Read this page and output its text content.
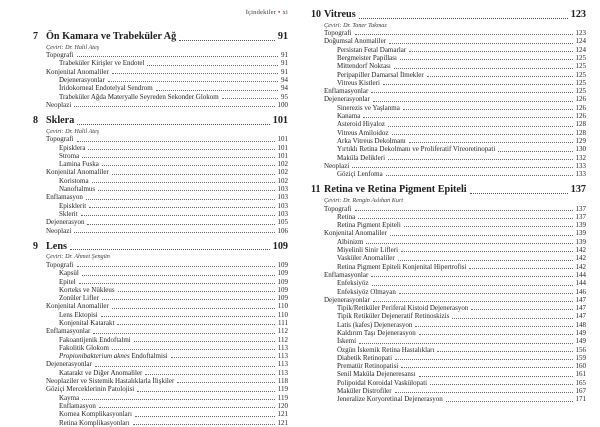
İçindekiler • xi
7 Ön Kamara ve Trabeküler Ağ	91
Çeviri: Dr. Halil Ateş
Topografi	91
Trabeküler Kirişler ve Endotel	91
Konjenital Anomaliler	91
Dejenerasyonlar	94
İridokorneal Endotelyal Sendrom	94
Trabeküler Ağda Materyalle Seyreden Sekonder Glokom	95
Neoplazi	100
8 Sklera	101
Çeviri: Dr. Halil Ateş
Topografi	101
Episklera	101
Stroma	101
Lamina Fuska	102
Konjenital Anomaliler	102
Koristoma	102
Nanoftalmus	103
Enflamasyon	103
Episklerit	103
Sklerit	103
Dejenerasyon	105
Neoplazi	106
9 Lens	109
Çeviri: Dr. Ahmet Şengün
Topografi	109
Kapsül	109
Epitel	109
Korteks ve Nükleus	109
Zonüler Lifler	109
Konjenital Anomaliler	110
Lens Ektopisi	110
Konjenital Katarakt	111
Enflamasyonlar	112
Fakoantijenik Endoftalmi	112
Fakolitik Glokom	113
Propionibakterium aknes Endoftalmisi	113
Dejenerasyonlar	113
Katarakt ve Diğer Anomaliler	113
Neoplaziler ve Sistemik Hastalıklarla İlişkiler	118
Göziçi Merceklerinin Patolojisi	119
Kayma	119
Enflamasyon	120
Kornea Komplikasyonları	121
Retina Komplikasyonları	121
10 Vitreus	123
Çeviri: Dr. Taner Takmaz
Topografi	123
Doğumsal Anomaliler	124
Persistan Fetal Damarlar	124
Bergmeister Papillası	125
Mittendorf Noktası	125
Peripapiller Damarsal İlmekler	125
Vitreus Kistleri	125
Enflamasyonlar	125
Dejenerasyonlar	126
Sinerezis ve Yaşlanma	126
Kanama	126
Asteroid Hiyaloz	128
Vitreus Amiloidoz	128
Arka Vitreus Dekolmanı	129
Yırtıklı Retina Dekolmanı ve Proliferatif Vireoretinopati	130
Maküla Delikleri	132
Neoplazi	133
Göziçi Lenfoma	133
11 Retina ve Retina Pigment Epiteli	137
Çeviri: Dr. Rengin Aslıhan Kurt
Topografi	137
Retina	137
Retina Pigment Epiteli	139
Konjenital Anomaliler	139
Albinizm	139
Miyelinli Sinir Lifleri	142
Vasküler Anomaliler	142
Retina Pigment Epiteli Konjenital Hipertrofisi	142
Enflamasyonlar	144
Enfeksiyöz	144
Enfeksiyöz Olmayan	146
Dejenerasyonlar	147
Tipik/Retiküler Periferal Kistoid Dejenerasyon	147
Tipik Retiküler Dejeneratif Retinoskizis	147
Latis (kafes) Dejenerasyon	148
Kaldırım Taşı Dejenerasyon	149
İskemi	149
Özgün İskemik Retina Hastalıkları	156
Diabetik Retinopati	159
Prematür Retinopatisi	160
Senil Maküla Dejeneresansı	161
Polipoidal Koroidal Vaskülopati	165
Maküler Distrofiler	167
Jeneralize Koryoretinal Dejenerasyon	171
